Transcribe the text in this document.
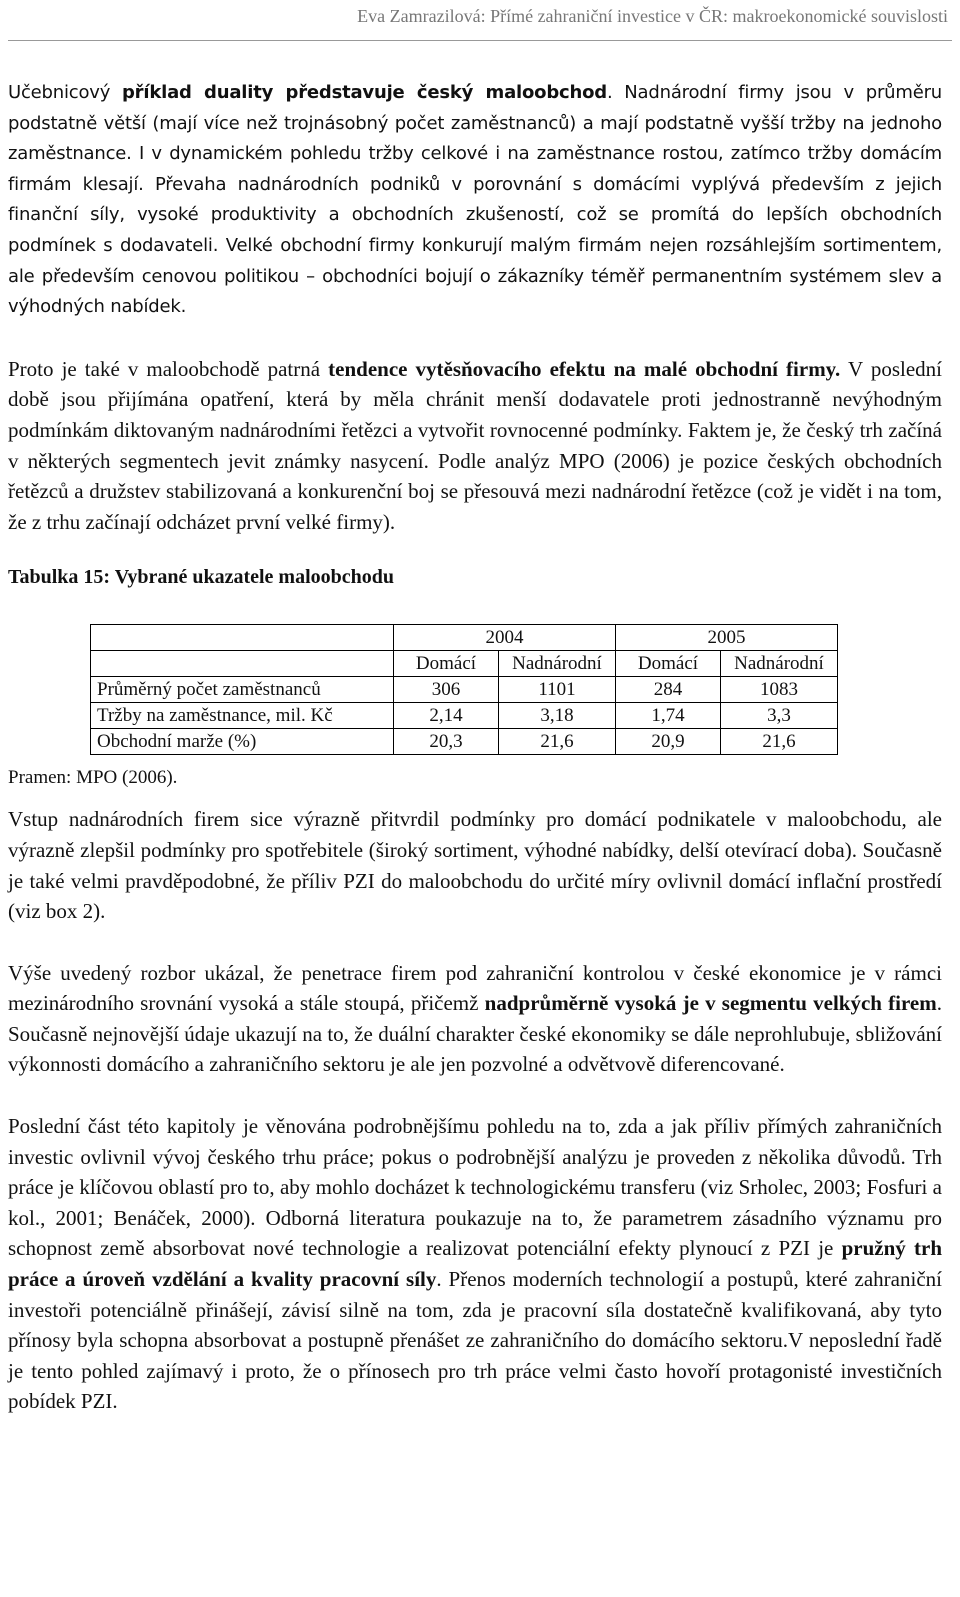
Eva Zamrazilová: Přímé zahraniční investice v ČR: makroekonomické souvislosti

Učebnicový příklad duality představuje český maloobchod. Nadnárodní firmy jsou v průměru podstatně větší (mají více než trojnásobný počet zaměstnanců) a mají podstatně vyšší tržby na jednoho zaměstnance. I v dynamickém pohledu tržby celkové i na zaměstnance rostou, zatímco tržby domácím firmám klesají. Převaha nadnárodních podniků v porovnání s domácími vyplývá především z jejich finanční síly, vysoké produktivity a obchodních zkušeností, což se promítá do lepších obchodních podmínek s dodavateli. Velké obchodní firmy konkurují malým firmám nejen rozsáhlejším sortimentem, ale především cenovou politikou – obchodníci bojují o zákazníky téměř permanentním systémem slev a výhodných nabídek.

Proto je také v maloobchodě patrná tendence vytěsňovacího efektu na malé obchodní firmy. V poslední době jsou přijímána opatření, která by měla chránit menší dodavatele proti jednostranně nevýhodným podmínkám diktovaným nadnárodními řetězci a vytvořit rovnocenné podmínky. Faktem je, že český trh začíná v některých segmentech jevit známky nasycení. Podle analýz MPO (2006) je pozice českých obchodních řetězců a družstev stabilizovaná a konkurenční boj se přesouvá mezi nadnárodní řetězce (což je vidět i na tom, že z trhu začínají odcházet první velké firmy).

Tabulka 15: Vybrané ukazatele maloobchodu
	2004		2005	
	Domácí	Nadnárodní	Domácí	Nadnárodní
Průměrný počet zaměstnanců	306	1101	284	1083
Tržby na zaměstnance, mil. Kč	2,14	3,18	1,74	3,3
Obchodní marže (%)	20,3	21,6	20,9	21,6
Pramen: MPO (2006).

Vstup nadnárodních firem sice výrazně přitvrdil podmínky pro domácí podnikatele v maloobchodu, ale výrazně zlepšil podmínky pro spotřebitele (široký sortiment, výhodné nabídky, delší otevírací doba). Současně je také velmi pravděpodobné, že příliv PZI do maloobchodu do určité míry ovlivnil domácí inflační prostředí (viz box 2).

Výše uvedený rozbor ukázal, že penetrace firem pod zahraniční kontrolou v české ekonomice je v rámci mezinárodního srovnání vysoká a stále stoupá, přičemž nadprůměrně vysoká je v segmentu velkých firem. Současně nejnovější údaje ukazují na to, že duální charakter české ekonomiky se dále neprohlubuje, sbližování výkonnosti domácího a zahraničního sektoru je ale jen pozvolné a odvětvově diferencované.

Poslední část této kapitoly je věnována podrobnějšímu pohledu na to, zda a jak příliv přímých zahraničních investic ovlivnil vývoj českého trhu práce; pokus o podrobnější analýzu je proveden z několika důvodů. Trh práce je klíčovou oblastí pro to, aby mohlo docházet k technologickému transferu (viz Srholec, 2003; Fosfuri a kol., 2001; Benáček, 2000). Odborná literatura poukazuje na to, že parametrem zásadního významu pro schopnost země absorbovat nové technologie a realizovat potenciální efekty plynoucí z PZI je pružný trh práce a úroveň vzdělání a kvality pracovní síly. Přenos moderních technologií a postupů, které zahraniční investoři potenciálně přinášejí, závisí silně na tom, zda je pracovní síla dostatečně kvalifikovaná, aby tyto přínosy byla schopna absorbovat a postupně přenášet ze zahraničního do domácího sektoru.V neposlední řadě je tento pohled zajímavý i proto, že o přínosech pro trh práce velmi často hovoří protagonisté investičních pobídek PZI.
